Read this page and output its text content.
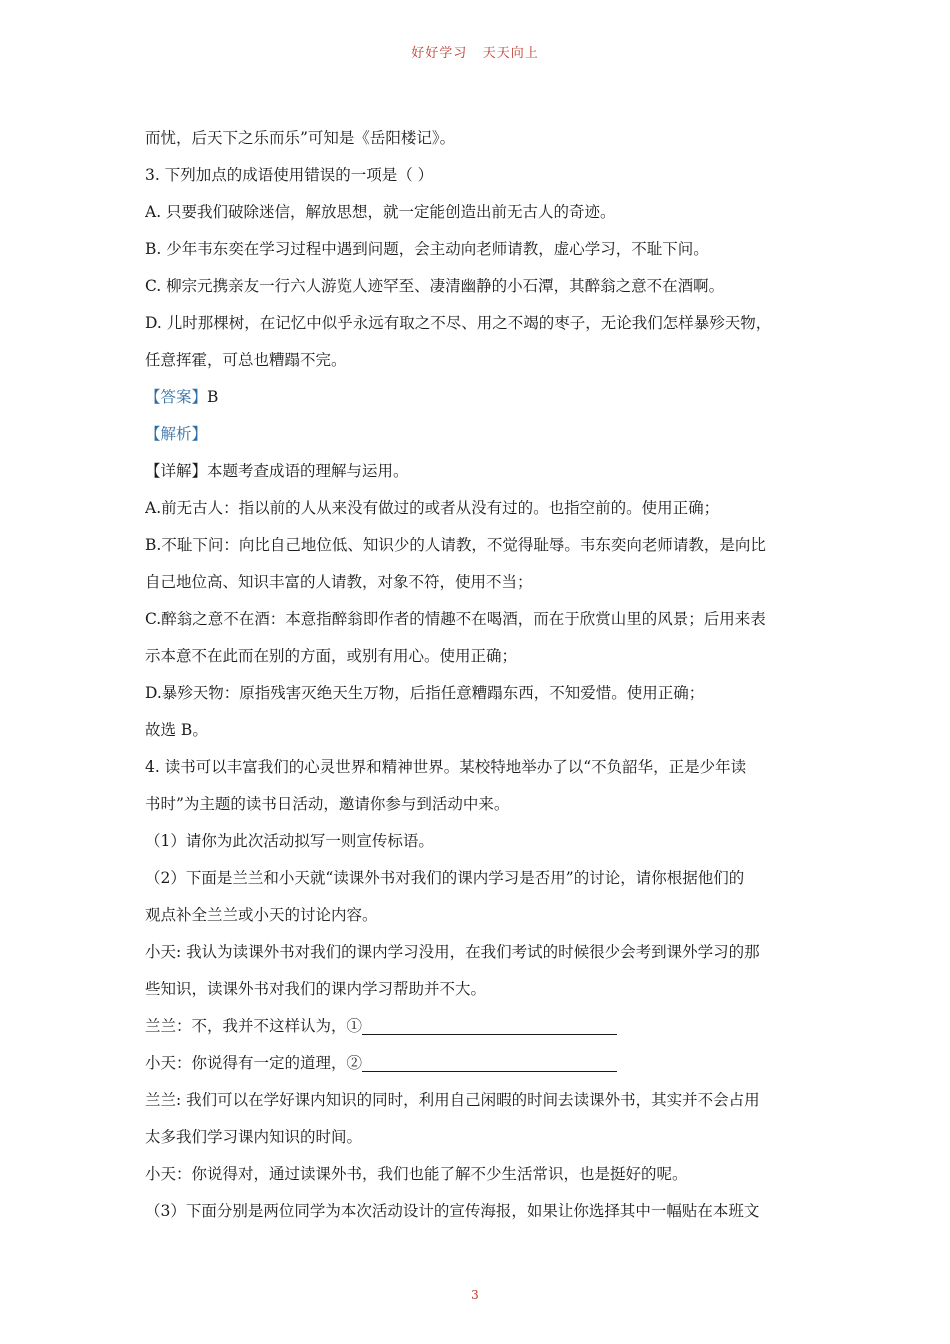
好好学习   天天向上
而忧，后天下之乐而乐”可知是《岳阳楼记》。
3. 下列加点的成语使用错误的一项是（ ）
A. 只要我们破除迷信，解放思想，就一定能创造出前无古人的奇迹。
B. 少年韦东奕在学习过程中遇到问题，会主动向老师请教，虚心学习，不耻下问。
C. 柳宗元携亲友一行六人游览人迹罕至、凄清幽静的小石潭，其醉翁之意不在酒啊。
D. 儿时那棵树，在记忆中似乎永远有取之不尽、用之不竭的枣子，无论我们怎样暴殄天物，
任意挥霍，可总也糟蹋不完。
【答案】B
【解析】
【详解】本题考查成语的理解与运用。
A.前无古人：指以前的人从来没有做过的或者从没有过的。也指空前的。使用正确；
B.不耻下问：向比自己地位低、知识少的人请教，不觉得耻辱。韦东奕向老师请教，是向比
自己地位高、知识丰富的人请教，对象不符，使用不当；
C.醉翁之意不在酒：本意指醉翁即作者的情趣不在喝酒，而在于欣赏山里的风景；后用来表
示本意不在此而在别的方面，或别有用心。使用正确；
D.暴殄天物：原指残害灭绝天生万物，后指任意糟蹋东西，不知爱惜。使用正确；
故选 B。
4. 读书可以丰富我们的心灵世界和精神世界。某校特地举办了以“不负韶华，正是少年读
书时”为主题的读书日活动，邀请你参与到活动中来。
（1）请你为此次活动拟写一则宣传标语。
（2）下面是兰兰和小天就“读课外书对我们的课内学习是否用”的讨论，请你根据他们的
观点补全兰兰或小天的讨论内容。
小天: 我认为读课外书对我们的课内学习没用，在我们考试的时候很少会考到课外学习的那
些知识，读课外书对我们的课内学习帮助并不大。
兰兰：不，我并不这样认为，①
小天：你说得有一定的道理，②
兰兰: 我们可以在学好课内知识的同时，利用自己闲暇的时间去读课外书，其实并不会占用
太多我们学习课内知识的时间。
小天：你说得对，通过读课外书，我们也能了解不少生活常识，也是挺好的呢。
（3）下面分别是两位同学为本次活动设计的宣传海报，如果让你选择其中一幅贴在本班文
3
